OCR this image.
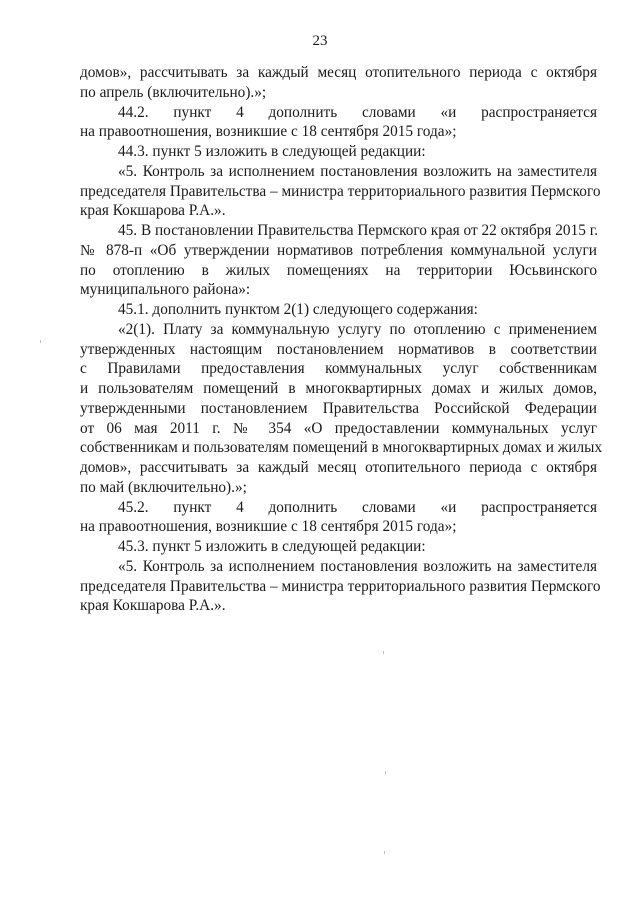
23
домов», рассчитывать за каждый месяц отопительного периода с октября
по апрель (включительно).»;
44.2. пункт 4 дополнить словами «и распространяется
на правоотношения, возникшие с 18 сентября 2015 года»;
44.3. пункт 5 изложить в следующей редакции:
«5. Контроль за исполнением постановления возложить на заместителя
председателя Правительства – министра территориального развития Пермского
края Кокшарова Р.А.».
45. В постановлении Правительства Пермского края от 22 октября 2015 г.
№ 878-п «Об утверждении нормативов потребления коммунальной услуги
по отоплению в жилых помещениях на территории Юсьвинского
муниципального района»:
45.1. дополнить пунктом 2(1) следующего содержания:
«2(1). Плату за коммунальную услугу по отоплению с применением
утвержденных настоящим постановлением нормативов в соответствии
с Правилами предоставления коммунальных услуг собственникам
и пользователям помещений в многоквартирных домах и жилых домов,
утвержденными постановлением Правительства Российской Федерации
от 06 мая 2011 г. № 354 «О предоставлении коммунальных услуг
собственникам и пользователям помещений в многоквартирных домах и жилых
домов», рассчитывать за каждый месяц отопительного периода с октября
по май (включительно).»;
45.2. пункт 4 дополнить словами «и распространяется
на правоотношения, возникшие с 18 сентября 2015 года»;
45.3. пункт 5 изложить в следующей редакции:
«5. Контроль за исполнением постановления возложить на заместителя
председателя Правительства – министра территориального развития Пермского
края Кокшарова Р.А.».
